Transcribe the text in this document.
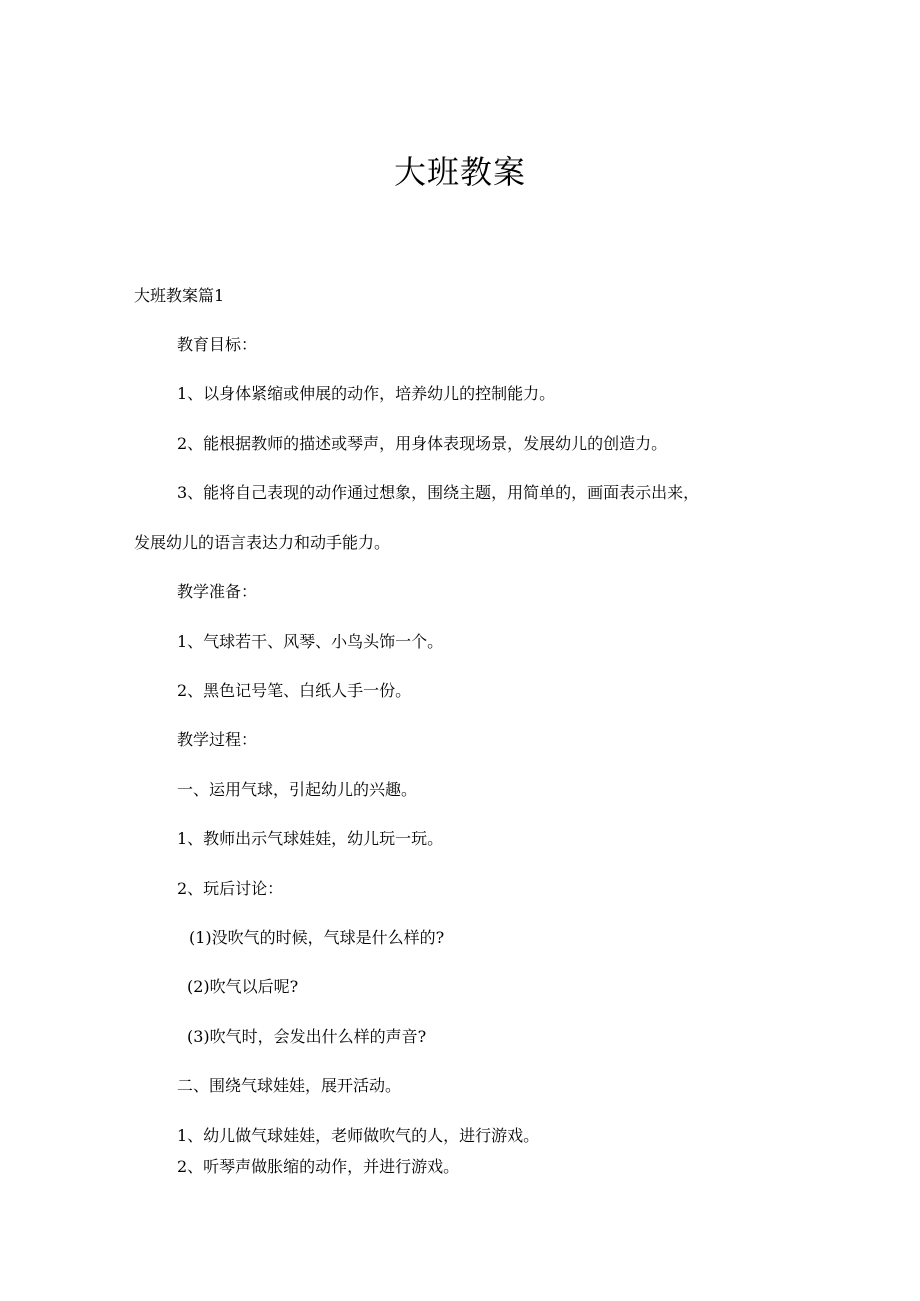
大班教案
大班教案篇1
教育目标：
1、以身体紧缩或伸展的动作，培养幼儿的控制能力。
2、能根据教师的描述或琴声，用身体表现场景，发展幼儿的创造力。
3、能将自己表现的动作通过想象，围绕主题，用简单的，画面表示出来，
发展幼儿的语言表达力和动手能力。
教学准备：
1、气球若干、风琴、小鸟头饰一个。
2、黑色记号笔、白纸人手一份。
教学过程：
一、运用气球，引起幼儿的兴趣。
1、教师出示气球娃娃，幼儿玩一玩。
2、玩后讨论：
(1)没吹气的时候，气球是什么样的?
(2)吹气以后呢?
(3)吹气时，会发出什么样的声音?
二、围绕气球娃娃，展开活动。
1、幼儿做气球娃娃，老师做吹气的人，进行游戏。
2、听琴声做胀缩的动作，并进行游戏。
